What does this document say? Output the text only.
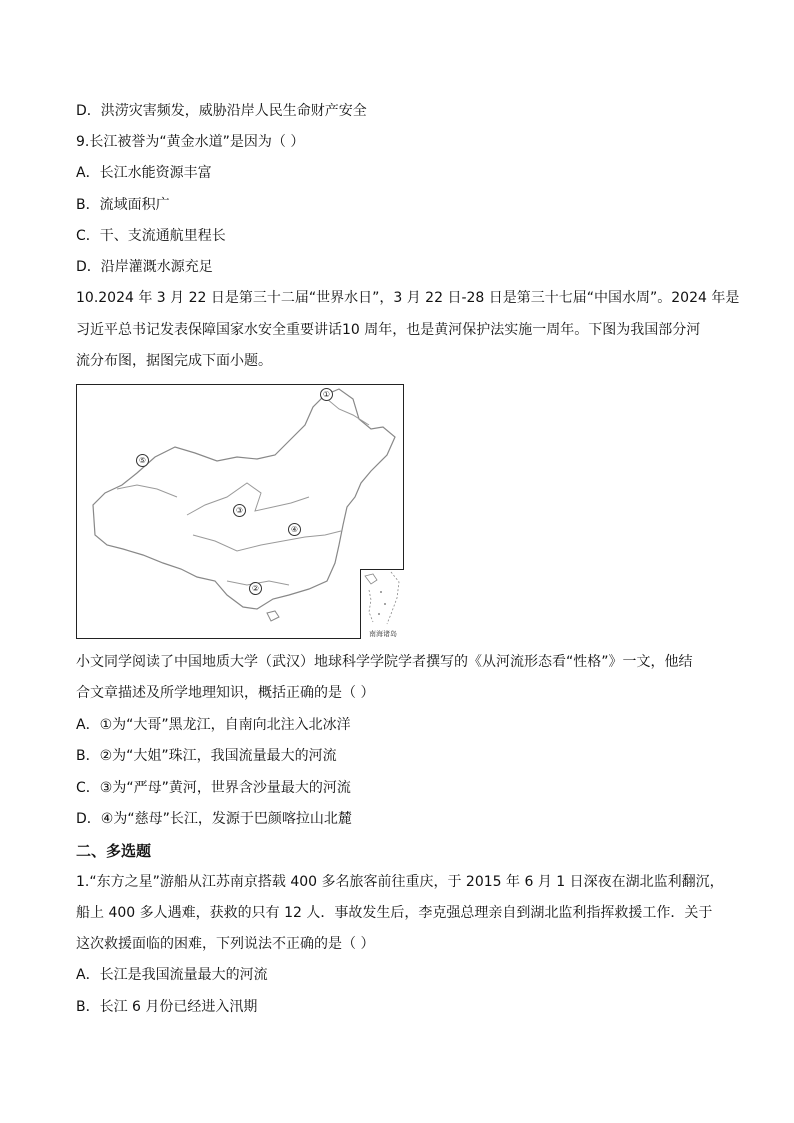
D．洪涝灾害频发，威胁沿岸人民生命财产安全
9.长江被誉为“黄金水道”是因为（ ）
A．长江水能资源丰富
B．流域面积广
C．干、支流通航里程长
D．沿岸灌溉水源充足
10.2024 年 3 月 22 日是第三十二届“世界水日”，3 月 22 日-28 日是第三十七届“中国水周”。2024 年是
习近平总书记发表保障国家水安全重要讲话10 周年，也是黄河保护法实施一周年。下图为我国部分河
流分布图，据图完成下面小题。
①
②
③
④
⑤
南海诸岛
小文同学阅读了中国地质大学（武汉）地球科学学院学者撰写的《从河流形态看“性格”》一文，他结
合文章描述及所学地理知识，概括正确的是（ ）
A．①为“大哥”黑龙江，自南向北注入北冰洋
B．②为“大姐”珠江，我国流量最大的河流
C．③为“严母”黄河，世界含沙量最大的河流
D．④为“慈母”长江，发源于巴颜喀拉山北麓
二、多选题
1.“东方之星”游船从江苏南京搭载 400 多名旅客前往重庆，于 2015 年 6 月 1 日深夜在湖北监利翻沉，
船上 400 多人遇难，获救的只有 12 人．事故发生后，李克强总理亲自到湖北监利指挥救援工作．关于
这次救援面临的困难，下列说法不正确的是（ ）
A．长江是我国流量最大的河流
B．长江 6 月份已经进入汛期
